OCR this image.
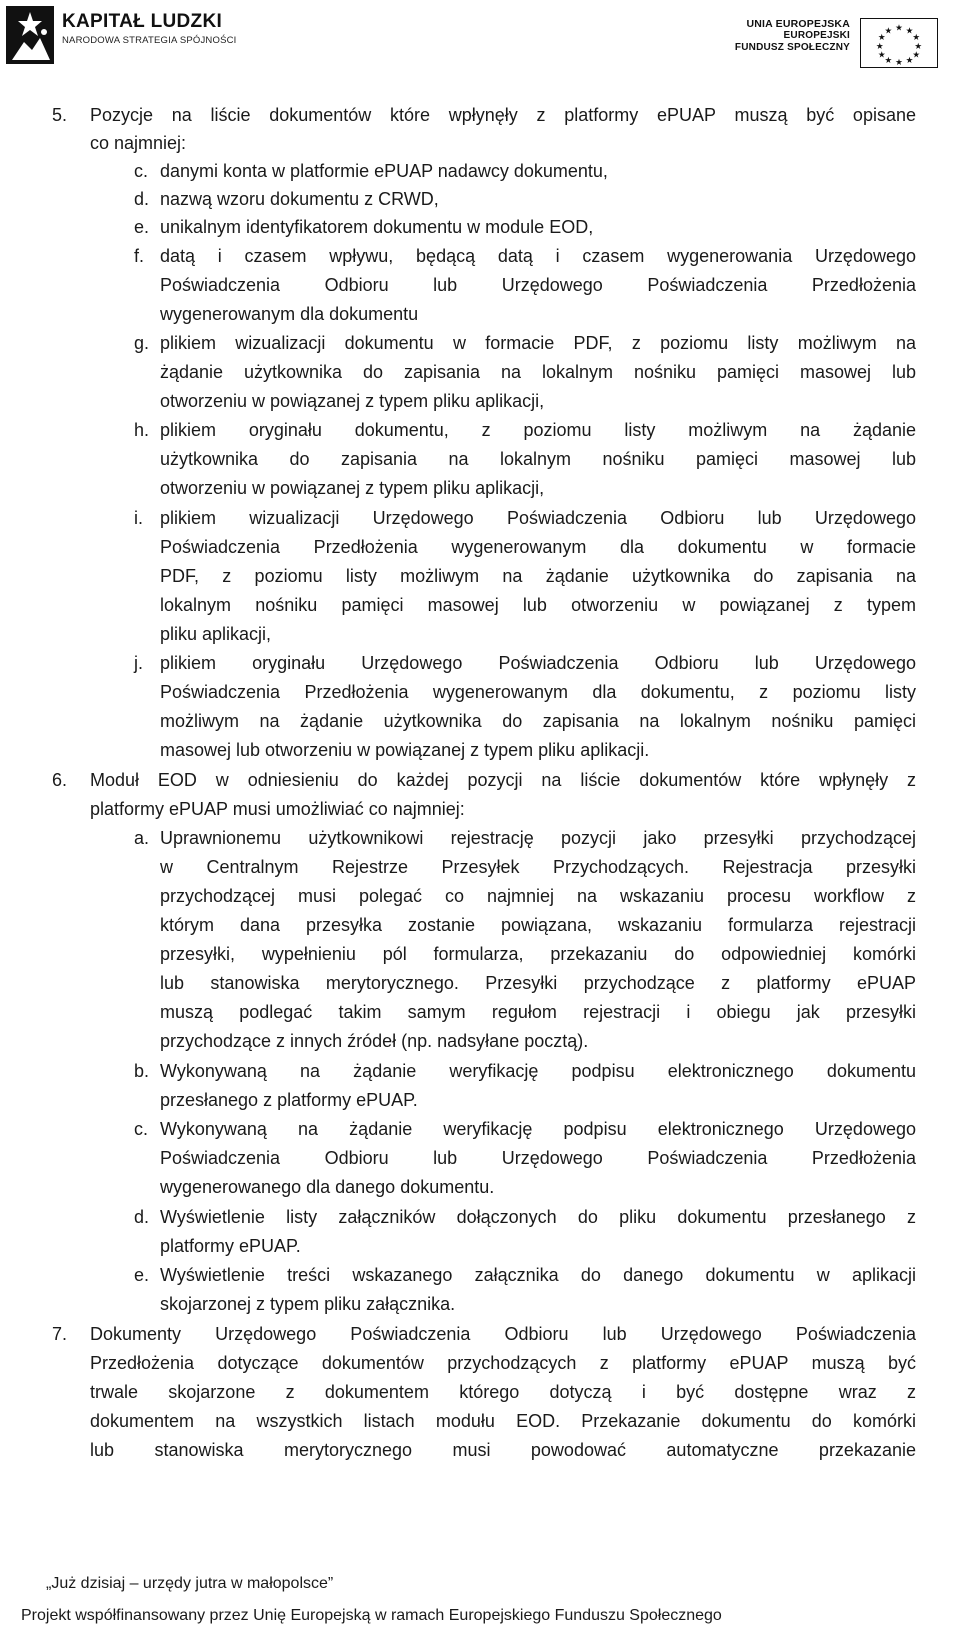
KAPITAŁ LUDZKI
NARODOWA STRATEGIA SPÓJNOŚCI
UNIA EUROPEJSKA
EUROPEJSKI
FUNDUSZ SPOŁECZNY
★ ★
★
★
★
★
★
★
★
★
★
★
5. Pozycje na liście dokumentów które wpłynęły z platformy ePUAP muszą być opisane
co najmniej:
c. danymi konta w platformie ePUAP nadawcy dokumentu,
d. nazwą wzoru dokumentu z CRWD,
e. unikalnym identyfikatorem dokumentu w module EOD,
f. datą i czasem wpływu, będącą datą i czasem wygenerowania Urzędowego
Poświadczenia Odbioru lub Urzędowego Poświadczenia Przedłożenia
wygenerowanym dla dokumentu
g. plikiem wizualizacji dokumentu w formacie PDF, z poziomu listy możliwym na
żądanie użytkownika do zapisania na lokalnym nośniku pamięci masowej lub
otworzeniu w powiązanej z typem pliku aplikacji,
h. plikiem oryginału dokumentu, z poziomu listy możliwym na żądanie
użytkownika do zapisania na lokalnym nośniku pamięci masowej lub
otworzeniu w powiązanej z typem pliku aplikacji,
i. plikiem wizualizacji Urzędowego Poświadczenia Odbioru lub Urzędowego
Poświadczenia Przedłożenia wygenerowanym dla dokumentu w formacie
PDF, z poziomu listy możliwym na żądanie użytkownika do zapisania na
lokalnym nośniku pamięci masowej lub otworzeniu w powiązanej z typem
pliku aplikacji,
j. plikiem oryginału Urzędowego Poświadczenia Odbioru lub Urzędowego
Poświadczenia Przedłożenia wygenerowanym dla dokumentu, z poziomu listy
możliwym na żądanie użytkownika do zapisania na lokalnym nośniku pamięci
masowej lub otworzeniu w powiązanej z typem pliku aplikacji.
6. Moduł EOD w odniesieniu do każdej pozycji na liście dokumentów które wpłynęły z
platformy ePUAP musi umożliwiać co najmniej:
a. Uprawnionemu użytkownikowi rejestrację pozycji jako przesyłki przychodzącej
w Centralnym Rejestrze Przesyłek Przychodzących. Rejestracja przesyłki
przychodzącej musi polegać co najmniej na wskazaniu procesu workflow z
którym dana przesyłka zostanie powiązana, wskazaniu formularza rejestracji
przesyłki, wypełnieniu pól formularza, przekazaniu do odpowiedniej komórki
lub stanowiska merytorycznego. Przesyłki przychodzące z platformy ePUAP
muszą podlegać takim samym regułom rejestracji i obiegu jak przesyłki
przychodzące z innych źródeł (np. nadsyłane pocztą).
b. Wykonywaną na żądanie weryfikację podpisu elektronicznego dokumentu
przesłanego z platformy ePUAP.
c. Wykonywaną na żądanie weryfikację podpisu elektronicznego Urzędowego
Poświadczenia Odbioru lub Urzędowego Poświadczenia Przedłożenia
wygenerowanego dla danego dokumentu.
d. Wyświetlenie listy załączników dołączonych do pliku dokumentu przesłanego z
platformy ePUAP.
e. Wyświetlenie treści wskazanego załącznika do danego dokumentu w aplikacji
skojarzonej z typem pliku załącznika.
7. Dokumenty Urzędowego Poświadczenia Odbioru lub Urzędowego Poświadczenia
Przedłożenia dotyczące dokumentów przychodzących z platformy ePUAP muszą być
trwale skojarzone z dokumentem którego dotyczą i być dostępne wraz z
dokumentem na wszystkich listach modułu EOD. Przekazanie dokumentu do komórki
lub stanowiska merytorycznego musi powodować automatyczne przekazanie
„Już dzisiaj – urzędy jutra w małopolsce”
Projekt współfinansowany przez Unię Europejską w ramach Europejskiego Funduszu Społecznego
